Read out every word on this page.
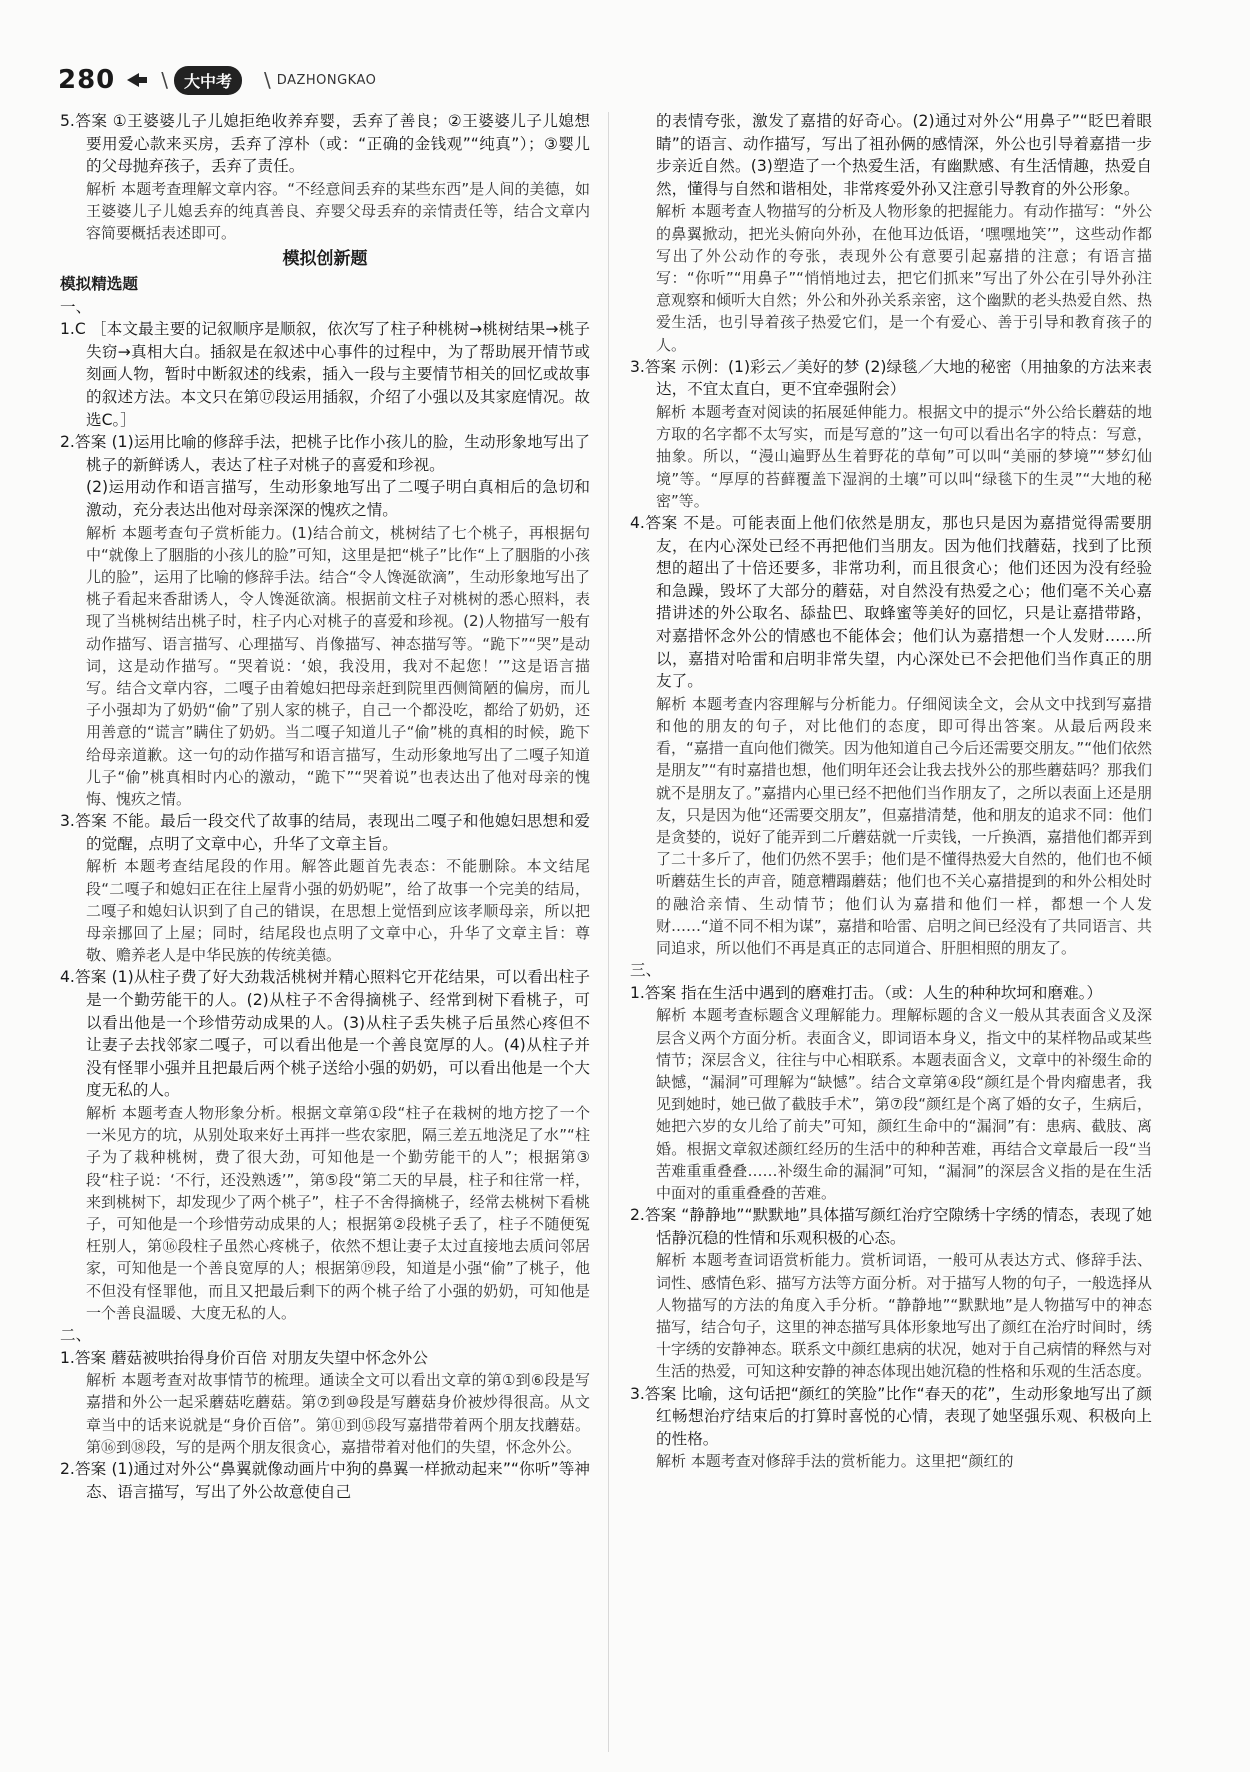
280 \	大中考	\ DAZHONGKAO

5.答案 ①王婆婆儿子儿媳拒绝收养弃婴，丢弃了善良；②王婆婆儿子儿媳想要用爱心款来买房，丢弃了淳朴（或：“正确的金钱观”“纯真”）；③婴儿的父母抛弃孩子，丢弃了责任。

解析 本题考查理解文章内容。“不经意间丢弃的某些东西”是人间的美德，如王婆婆儿子儿媳丢弃的纯真善良、弃婴父母丢弃的亲情责任等，结合文章内容简要概括表述即可。

模拟创新题

模拟精选题

一、

1.C ［本文最主要的记叙顺序是顺叙，依次写了柱子种桃树→桃树结果→桃子失窃→真相大白。插叙是在叙述中心事件的过程中，为了帮助展开情节或刻画人物，暂时中断叙述的线索，插入一段与主要情节相关的回忆或故事的叙述方法。本文只在第⑰段运用插叙，介绍了小强以及其家庭情况。故选C。］

2.答案 (1)运用比喻的修辞手法，把桃子比作小孩儿的脸，生动形象地写出了桃子的新鲜诱人，表达了柱子对桃子的喜爱和珍视。

(2)运用动作和语言描写，生动形象地写出了二嘎子明白真相后的急切和激动，充分表达出他对母亲深深的愧疚之情。

解析 本题考查句子赏析能力。(1)结合前文，桃树结了七个桃子，再根据句中“就像上了胭脂的小孩儿的脸”可知，这里是把“桃子”比作“上了胭脂的小孩儿的脸”，运用了比喻的修辞手法。结合“令人馋涎欲滴”，生动形象地写出了桃子看起来香甜诱人，令人馋涎欲滴。根据前文柱子对桃树的悉心照料，表现了当桃树结出桃子时，柱子内心对桃子的喜爱和珍视。(2)人物描写一般有动作描写、语言描写、心理描写、肖像描写、神态描写等。“跪下”“哭”是动词，这是动作描写。“哭着说：‘娘，我没用，我对不起您！’”这是语言描写。结合文章内容，二嘎子由着媳妇把母亲赶到院里西侧简陋的偏房，而儿子小强却为了奶奶“偷”了别人家的桃子，自己一个都没吃，都给了奶奶，还用善意的“谎言”瞒住了奶奶。当二嘎子知道儿子“偷”桃的真相的时候，跪下给母亲道歉。这一句的动作描写和语言描写，生动形象地写出了二嘎子知道儿子“偷”桃真相时内心的激动，“跪下”“哭着说”也表达出了他对母亲的愧悔、愧疚之情。

3.答案 不能。最后一段交代了故事的结局，表现出二嘎子和他媳妇思想和爱的觉醒，点明了文章中心，升华了文章主旨。

解析 本题考查结尾段的作用。解答此题首先表态：不能删除。本文结尾段“二嘎子和媳妇正在往上屋背小强的奶奶呢”，给了故事一个完美的结局，二嘎子和媳妇认识到了自己的错误，在思想上觉悟到应该孝顺母亲，所以把母亲挪回了上屋；同时，结尾段也点明了文章中心，升华了文章主旨：尊敬、赡养老人是中华民族的传统美德。

4.答案 (1)从柱子费了好大劲栽活桃树并精心照料它开花结果，可以看出柱子是一个勤劳能干的人。(2)从柱子不舍得摘桃子、经常到树下看桃子，可以看出他是一个珍惜劳动成果的人。(3)从柱子丢失桃子后虽然心疼但不让妻子去找邻家二嘎子，可以看出他是一个善良宽厚的人。(4)从柱子并没有怪罪小强并且把最后两个桃子送给小强的奶奶，可以看出他是一个大度无私的人。

解析 本题考查人物形象分析。根据文章第①段“柱子在栽树的地方挖了一个一米见方的坑，从别处取来好土再拌一些农家肥，隔三差五地浇足了水”“柱子为了栽种桃树，费了很大劲，可知他是一个勤劳能干的人”；根据第③段“柱子说：‘不行，还没熟透’”，第⑤段“第二天的早晨，柱子和往常一样，来到桃树下，却发现少了两个桃子”，柱子不舍得摘桃子，经常去桃树下看桃子，可知他是一个珍惜劳动成果的人；根据第②段桃子丢了，柱子不随便冤枉别人，第⑯段柱子虽然心疼桃子，依然不想让妻子太过直接地去质问邻居家，可知他是一个善良宽厚的人；根据第⑲段，知道是小强“偷”了桃子，他不但没有怪罪他，而且又把最后剩下的两个桃子给了小强的奶奶，可知他是一个善良温暖、大度无私的人。

二、

1.答案 蘑菇被哄抬得身价百倍 对朋友失望中怀念外公

解析 本题考查对故事情节的梳理。通读全文可以看出文章的第①到⑥段是写嘉措和外公一起采蘑菇吃蘑菇。第⑦到⑩段是写蘑菇身价被炒得很高。从文章当中的话来说就是“身价百倍”。第⑪到⑮段写嘉措带着两个朋友找蘑菇。第⑯到⑱段，写的是两个朋友很贪心，嘉措带着对他们的失望，怀念外公。

2.答案 (1)通过对外公“鼻翼就像动画片中狗的鼻翼一样掀动起来”“你听”等神态、语言描写，写出了外公故意使自己

的表情夸张，激发了嘉措的好奇心。(2)通过对外公“用鼻子”“眨巴着眼睛”的语言、动作描写，写出了祖孙俩的感情深，外公也引导着嘉措一步步亲近自然。(3)塑造了一个热爱生活，有幽默感、有生活情趣，热爱自然，懂得与自然和谐相处，非常疼爱外孙又注意引导教育的外公形象。

解析 本题考查人物描写的分析及人物形象的把握能力。有动作描写：“外公的鼻翼掀动，把光头俯向外孙，在他耳边低语，‘嘿嘿地笑’”，这些动作都写出了外公动作的夸张，表现外公有意要引起嘉措的注意；有语言描写：“你听”“用鼻子”“悄悄地过去，把它们抓来”写出了外公在引导外孙注意观察和倾听大自然；外公和外孙关系亲密，这个幽默的老头热爱自然、热爱生活，也引导着孩子热爱它们，是一个有爱心、善于引导和教育孩子的人。

3.答案 示例：(1)彩云／美好的梦 (2)绿毯／大地的秘密（用抽象的方法来表达，不宜太直白，更不宜牵强附会）

解析 本题考查对阅读的拓展延伸能力。根据文中的提示“外公给长蘑菇的地方取的名字都不太写实，而是写意的”这一句可以看出名字的特点：写意，抽象。所以，“漫山遍野丛生着野花的草甸”可以叫“美丽的梦境”“梦幻仙境”等。“厚厚的苔藓覆盖下湿润的土壤”可以叫“绿毯下的生灵”“大地的秘密”等。

4.答案 不是。可能表面上他们依然是朋友，那也只是因为嘉措觉得需要朋友，在内心深处已经不再把他们当朋友。因为他们找蘑菇，找到了比预想的超出了十倍还要多，非常功利，而且很贪心；他们还因为没有经验和急躁，毁坏了大部分的蘑菇，对自然没有热爱之心；他们毫不关心嘉措讲述的外公取名、舔盐巴、取蜂蜜等美好的回忆，只是让嘉措带路，对嘉措怀念外公的情感也不能体会；他们认为嘉措想一个人发财……所以，嘉措对哈雷和启明非常失望，内心深处已不会把他们当作真正的朋友了。

解析 本题考查内容理解与分析能力。仔细阅读全文，会从文中找到写嘉措和他的朋友的句子，对比他们的态度，即可得出答案。从最后两段来看，“嘉措一直向他们微笑。因为他知道自己今后还需要交朋友。”“他们依然是朋友”“有时嘉措也想，他们明年还会让我去找外公的那些蘑菇吗？那我们就不是朋友了。”嘉措内心里已经不把他们当作朋友了，之所以表面上还是朋友，只是因为他“还需要交朋友”，但嘉措清楚，他和朋友的追求不同：他们是贪婪的，说好了能弄到二斤蘑菇就一斤卖钱，一斤换酒，嘉措他们都弄到了二十多斤了，他们仍然不罢手；他们是不懂得热爱大自然的，他们也不倾听蘑菇生长的声音，随意糟蹋蘑菇；他们也不关心嘉措提到的和外公相处时的融洽亲情、生动情节；他们认为嘉措和他们一样，都想一个人发财……“道不同不相为谋”，嘉措和哈雷、启明之间已经没有了共同语言、共同追求，所以他们不再是真正的志同道合、肝胆相照的朋友了。

三、

1.答案 指在生活中遇到的磨难打击。（或：人生的种种坎坷和磨难。）

解析 本题考查标题含义理解能力。理解标题的含义一般从其表面含义及深层含义两个方面分析。表面含义，即词语本身义，指文中的某样物品或某些情节；深层含义，往往与中心相联系。本题表面含义，文章中的补缀生命的缺憾，“漏洞”可理解为“缺憾”。结合文章第④段“颜红是个骨肉瘤患者，我见到她时，她已做了截肢手术”，第⑦段“颜红是个离了婚的女子，生病后，她把六岁的女儿给了前夫”可知，颜红生命中的“漏洞”有：患病、截肢、离婚。根据文章叙述颜红经历的生活中的种种苦难，再结合文章最后一段“当苦难重重叠叠……补缀生命的漏洞”可知，“漏洞”的深层含义指的是在生活中面对的重重叠叠的苦难。

2.答案 “静静地”“默默地”具体描写颜红治疗空隙绣十字绣的情态，表现了她恬静沉稳的性情和乐观积极的心态。

解析 本题考查词语赏析能力。赏析词语，一般可从表达方式、修辞手法、词性、感情色彩、描写方法等方面分析。对于描写人物的句子，一般选择从人物描写的方法的角度入手分析。“静静地”“默默地”是人物描写中的神态描写，结合句子，这里的神态描写具体形象地写出了颜红在治疗时间时，绣十字绣的安静神态。联系文中颜红患病的状况，她对于自己病情的释然与对生活的热爱，可知这种安静的神态体现出她沉稳的性格和乐观的生活态度。

3.答案 比喻，这句话把“颜红的笑脸”比作“春天的花”，生动形象地写出了颜红畅想治疗结束后的打算时喜悦的心情，表现了她坚强乐观、积极向上的性格。

解析 本题考查对修辞手法的赏析能力。这里把“颜红的
